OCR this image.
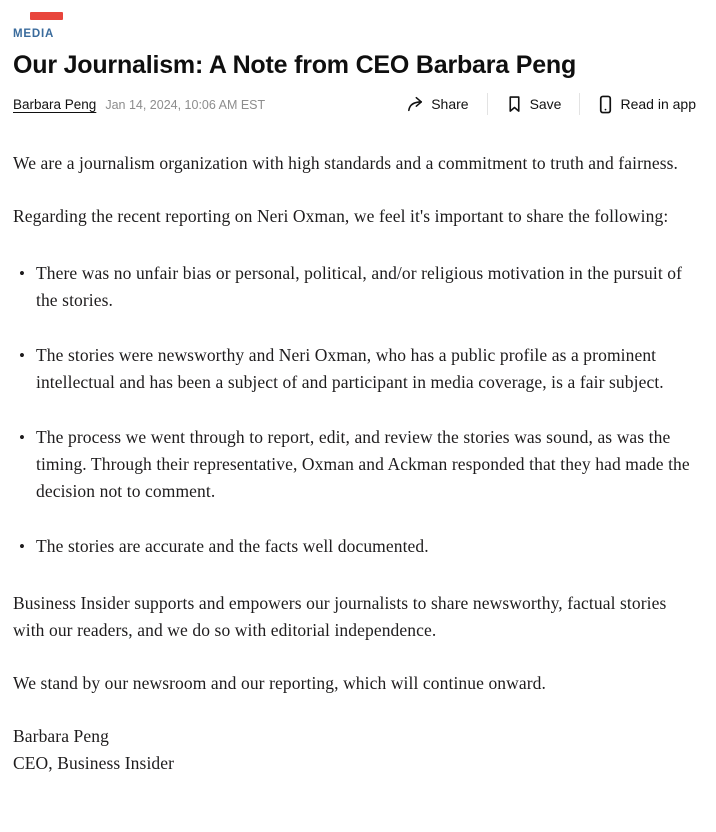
MEDIA
Our Journalism: A Note from CEO Barbara Peng
Barbara Peng Jan 14, 2024, 10:06 AM EST	Share	Save	Read in app

We are a journalism organization with high standards and a commitment to truth and fairness.

Regarding the recent reporting on Neri Oxman, we feel it's important to share the following:

• There was no unfair bias or personal, political, and/or religious motivation in the pursuit of the stories.
• The stories were newsworthy and Neri Oxman, who has a public profile as a prominent intellectual and has been a subject of and participant in media coverage, is a fair subject.
• The process we went through to report, edit, and review the stories was sound, as was the timing. Through their representative, Oxman and Ackman responded that they had made the decision not to comment.
• The stories are accurate and the facts well documented.

Business Insider supports and empowers our journalists to share newsworthy, factual stories with our readers, and we do so with editorial independence.

We stand by our newsroom and our reporting, which will continue onward.

Barbara Peng
CEO, Business Insider
